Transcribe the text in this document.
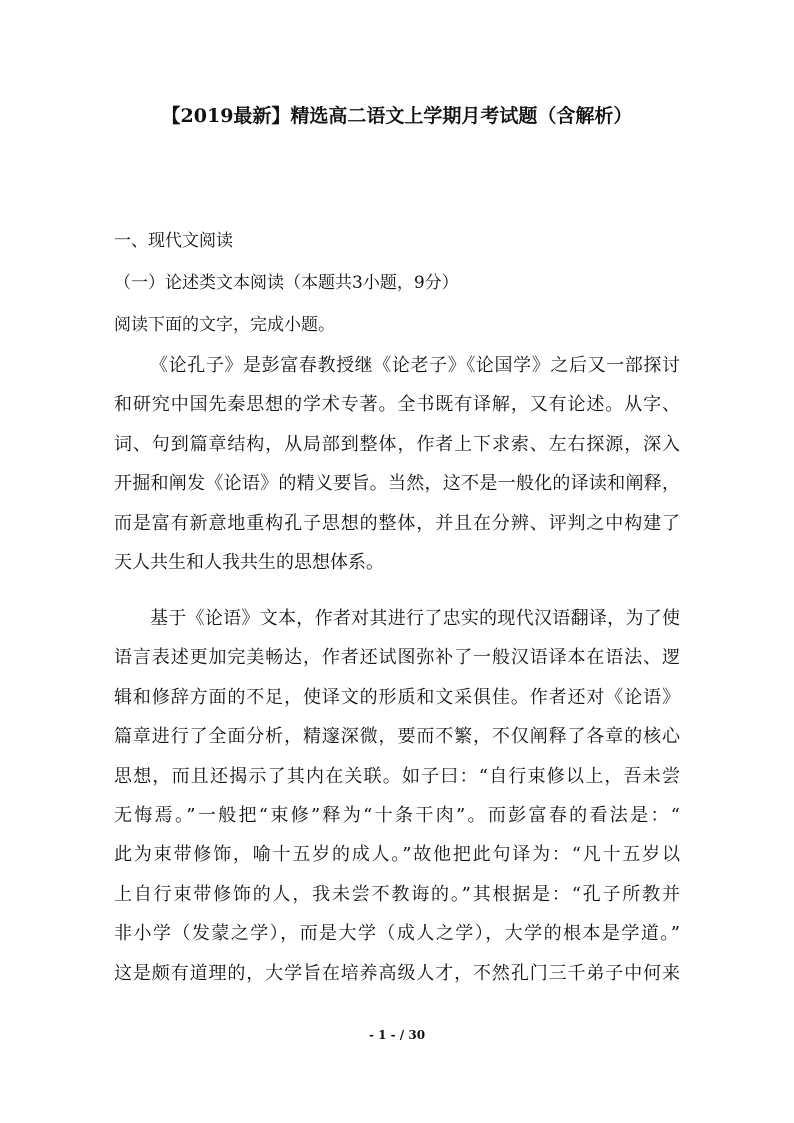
【2019最新】精选高二语文上学期月考试题（含解析）
一、现代文阅读
（一）论述类文本阅读（本题共3小题，9分）
阅读下面的文字，完成小题。
《论孔子》是彭富春教授继《论老子》《论国学》之后又一部探讨
和研究中国先秦思想的学术专著。全书既有译解，又有论述。从字、
词、句到篇章结构，从局部到整体，作者上下求索、左右探源，深入
开掘和阐发《论语》的精义要旨。当然，这不是一般化的译读和阐释，
而是富有新意地重构孔子思想的整体，并且在分辨、评判之中构建了
天人共生和人我共生的思想体系。
基于《论语》文本，作者对其进行了忠实的现代汉语翻译，为了使
语言表述更加完美畅达，作者还试图弥补了一般汉语译本在语法、逻
辑和修辞方面的不足，使译文的形质和文采俱佳。作者还对《论语》
篇章进行了全面分析，精邃深微，要而不繁，不仅阐释了各章的核心
思想，而且还揭示了其内在关联。如子曰：“自行束修以上，吾未尝
无悔焉。”一般把“束修”释为“十条干肉”。而彭富春的看法是：“
此为束带修饰，喻十五岁的成人。”故他把此句译为：“凡十五岁以
上自行束带修饰的人，我未尝不教诲的。”其根据是：“孔子所教并
非小学（发蒙之学），而是大学（成人之学），大学的根本是学道。”
这是颇有道理的，大学旨在培养高级人才，不然孔门三千弟子中何来
- 1 - / 30
